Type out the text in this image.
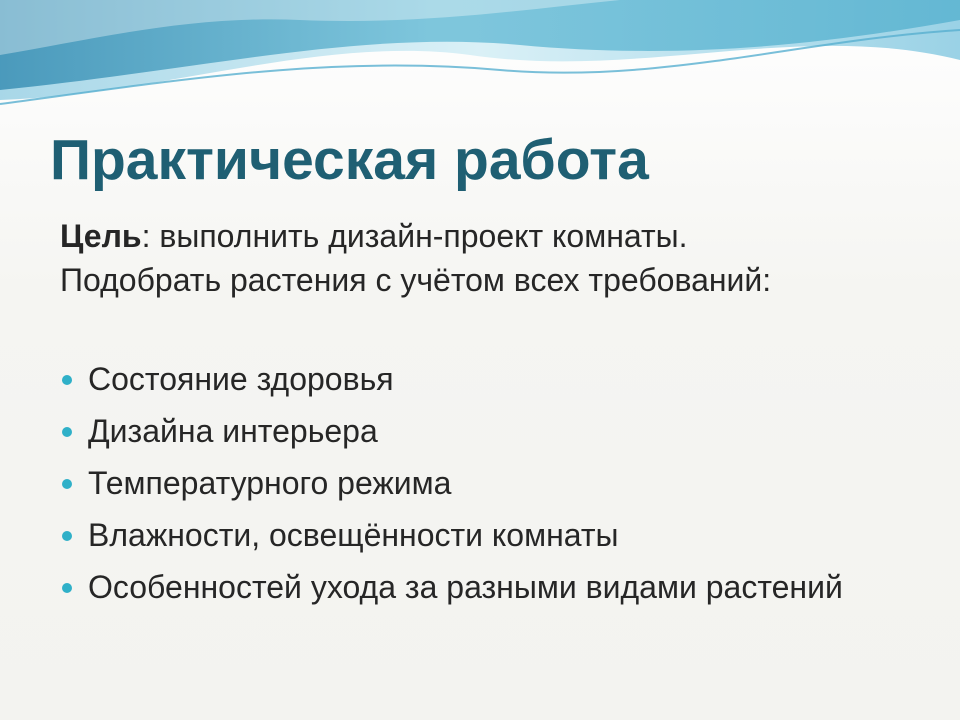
Практическая работа
Цель: выполнить дизайн-проект комнаты.
Подобрать растения с учётом всех требований:
Состояние здоровья
Дизайна интерьера
Температурного режима
Влажности, освещённости комнаты
Особенностей ухода за разными видами растений
